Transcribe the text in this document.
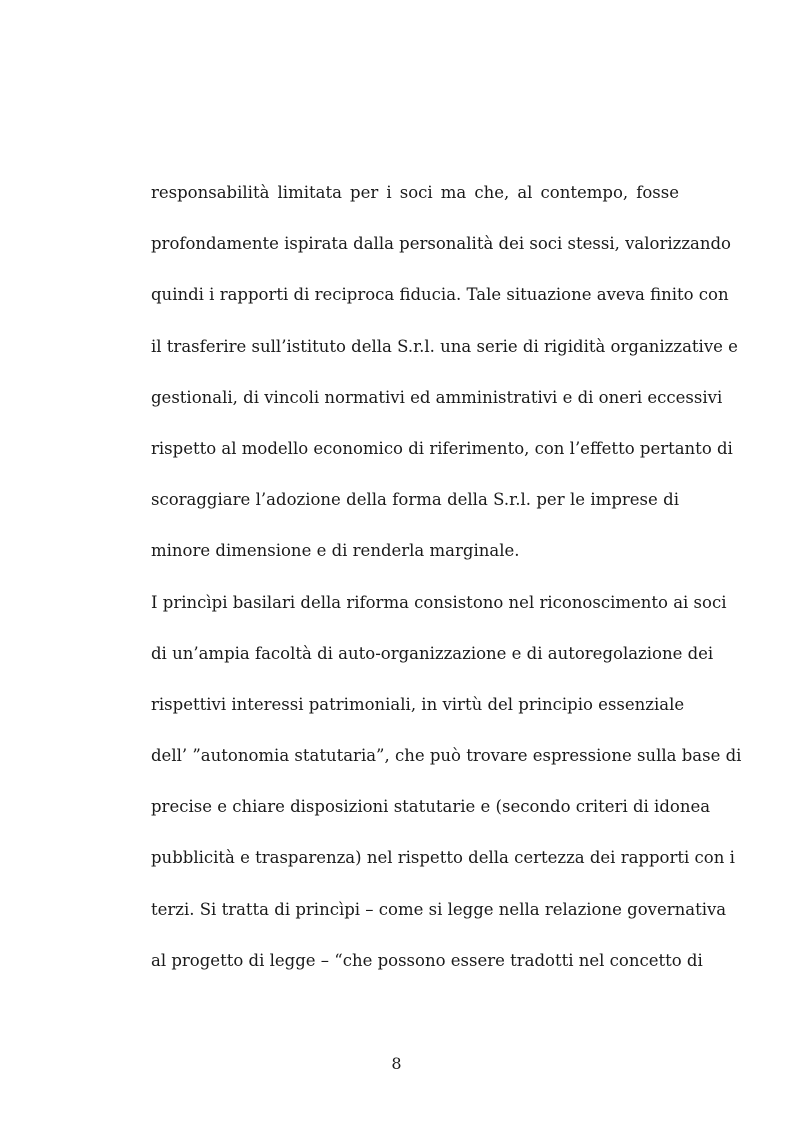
responsabilità limitata per i soci ma che, al contempo, fosse
profondamente ispirata dalla personalità dei soci stessi, valorizzando
quindi i rapporti di reciproca fiducia. Tale situazione aveva finito con
il trasferire sull’istituto della S.r.l. una serie di rigidità organizzative e
gestionali, di vincoli normativi ed amministrativi e di oneri eccessivi
rispetto al modello economico di riferimento, con l’effetto pertanto di
scoraggiare l’adozione della forma della S.r.l. per le imprese di
minore dimensione e di renderla marginale.
I princìpi basilari della riforma consistono nel riconoscimento ai soci
di un’ampia facoltà di auto-organizzazione e di autoregolazione dei
rispettivi interessi patrimoniali, in virtù del principio essenziale
dell’ ”autonomia statutaria”, che può trovare espressione sulla base di
precise e chiare disposizioni statutarie e (secondo criteri di idonea
pubblicità e trasparenza) nel rispetto della certezza dei rapporti con i
terzi. Si tratta di princìpi – come si legge nella relazione governativa
al progetto di legge – “che possono essere tradotti nel concetto di
8
